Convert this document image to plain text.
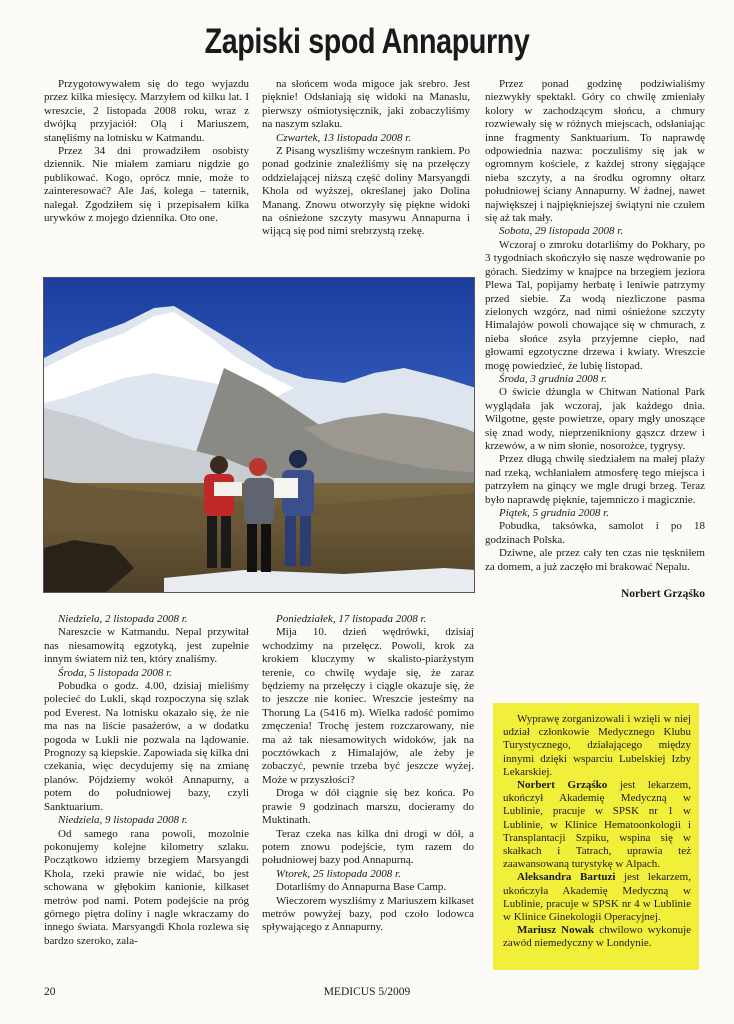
Zapiski spod Annapurny

Przygotowywałem się do tego wyjazdu przez kilka miesięcy. Marzyłem od kilku lat. I wreszcie, 2 listopada 2008 roku, wraz z dwójką przyjaciół: Olą i Mariuszem, stanęliśmy na lotnisku w Katmandu.

Przez 34 dni prowadziłem osobisty dziennik. Nie miałem zamiaru nigdzie go publikować. Kogo, oprócz mnie, może to zainteresować? Ale Jaś, kolega – taternik, nalegał. Zgodziłem się i przepisałem kilka urywków z mojego dziennika. Oto one.

na słońcem woda migoce jak srebro. Jest pięknie! Odsłaniają się widoki na Manaslu, pierwszy ośmiotysięcznik, jaki zobaczyliśmy na naszym szlaku.

Czwartek, 13 listopada 2008 r.

Z Pisang wyszliśmy wcześnym rankiem. Po ponad godzinie znaleźliśmy się na przełęczy oddzielającej niższą część doliny Marsyangdi Khola od wyższej, określanej jako Dolina Manang. Znowu otworzyły się piękne widoki na ośnieżone szczyty masywu Annapurna i wijącą się pod nimi srebrzystą rzekę.

Przez ponad godzinę podziwialiśmy niezwykły spektakl. Góry co chwilę zmieniały kolory w zachodzącym słońcu, a chmury rozwiewały się w różnych miejscach, odsłaniając inne fragmenty Sanktuarium. To naprawdę odpowiednia nazwa: poczuliśmy się jak w ogromnym kościele, z każdej strony sięgające nieba szczyty, a na środku ogromny ołtarz południowej ściany Annapurny. W żadnej, nawet największej i najpiękniejszej świątyni nie czułem się aż tak mały.

Sobota, 29 listopada 2008 r.

Wczoraj o zmroku dotarliśmy do Pokhary, po 3 tygodniach skończyło się nasze wędrowanie po górach. Siedzimy w knajpce na brzegiem jeziora Plewa Tal, popijamy herbatę i leniwie patrzymy przed siebie. Za wodą niezliczone pasma zielonych wzgórz, nad nimi ośnieżone szczyty Himalajów powoli chowające się w chmurach, z nieba słońce zsyła przyjemne ciepło, nad głowami egzotyczne drzewa i kwiaty. Wreszcie mogę powiedzieć, że lubię listopad.

Środa, 3 grudnia 2008 r.

O świcie dżungla w Chitwan National Park wyglądała jak wczoraj, jak każdego dnia. Wilgotne, gęste powietrze, opary mgły unoszące się znad wody, nieprzenikniony gąszcz drzew i krzewów, a w nim słonie, nosorożce, tygrysy.

Przez długą chwilę siedziałem na małej plaży nad rzeką, wchłaniałem atmosferę tego miejsca i patrzyłem na ginący we mgle drugi brzeg. Teraz było naprawdę pięknie, tajemniczo i magicznie.

Piątek, 5 grudnia 2008 r.

Pobudka, taksówka, samolot i po 18 godzinach Polska.

Dziwne, ale przez cały ten czas nie tęskniłem za domem, a już zaczęło mi brakować Nepalu.

Norbert Grząśko

Niedziela, 2 listopada 2008 r.

Nareszcie w Katmandu. Nepal przywitał nas niesamowitą egzotyką, jest zupełnie innym światem niż ten, który znaliśmy.

Środa, 5 listopada 2008 r.

Pobudka o godz. 4.00, dzisiaj mieliśmy polecieć do Lukli, skąd rozpoczyna się szlak pod Everest. Na lotnisku okazało się, że nie ma nas na liście pasażerów, a w dodatku pogoda w Lukli nie pozwala na lądowanie. Prognozy są kiepskie. Zapowiada się kilka dni czekania, więc decydujemy się na zmianę planów. Pójdziemy wokół Annapurny, a potem do południowej bazy, czyli Sanktuarium.

Niedziela, 9 listopada 2008 r.

Od samego rana powoli, mozolnie pokonujemy kolejne kilometry szlaku. Początkowo idziemy brzegiem Marsyangdi Khola, rzeki prawie nie widać, bo jest schowana w głębokim kanionie, kilkaset metrów pod nami. Potem podejście na próg górnego piętra doliny i nagle wkraczamy do innego świata. Marsyangdi Khola rozlewa się bardzo szeroko, zala-

Poniedziałek, 17 listopada 2008 r.

Mija 10. dzień wędrówki, dzisiaj wchodzimy na przełęcz. Powoli, krok za krokiem kluczymy w skalisto-piarżystym terenie, co chwilę wydaje się, że zaraz będziemy na przełęczy i ciągle okazuje się, że to jeszcze nie koniec. Wreszcie jesteśmy na Thorung La (5416 m). Wielka radość pomimo zmęczenia! Trochę jestem rozczarowany, nie ma aż tak niesamowitych widoków, jak na pocztówkach z Himalajów, ale żeby je zobaczyć, pewnie trzeba być jeszcze wyżej. Może w przyszłości?

Droga w dół ciągnie się bez końca. Po prawie 9 godzinach marszu, docieramy do Muktinath.

Teraz czeka nas kilka dni drogi w dół, a potem znowu podejście, tym razem do południowej bazy pod Annapurną.

Wtorek, 25 listopada 2008 r.

Dotarliśmy do Annapurna Base Camp.

Wieczorem wyszliśmy z Mariuszem kilkaset metrów powyżej bazy, pod czoło lodowca spływającego z Annapurny.

Wyprawę zorganizowali i wzięli w niej udział członkowie Medycznego Klubu Turystycznego, działającego między innymi dzięki wsparciu Lubelskiej Izby Lekarskiej.

Norbert Grząśko jest lekarzem, ukończył Akademię Medyczną w Lublinie, pracuje w SPSK nr 1 w Lublinie, w Klinice Hematoonkologii i Transplantacji Szpiku, wspina się w skałkach i Tatrach, uprawia też zaawansowaną turystykę w Alpach.

Aleksandra Bartuzi jest lekarzem, ukończyła Akademię Medyczną w Lublinie, pracuje w SPSK nr 4 w Lublinie w Klinice Ginekologii Operacyjnej.

Mariusz Nowak chwilowo wykonuje zawód niemedyczny w Londynie.

20	MEDICUS 5/2009
